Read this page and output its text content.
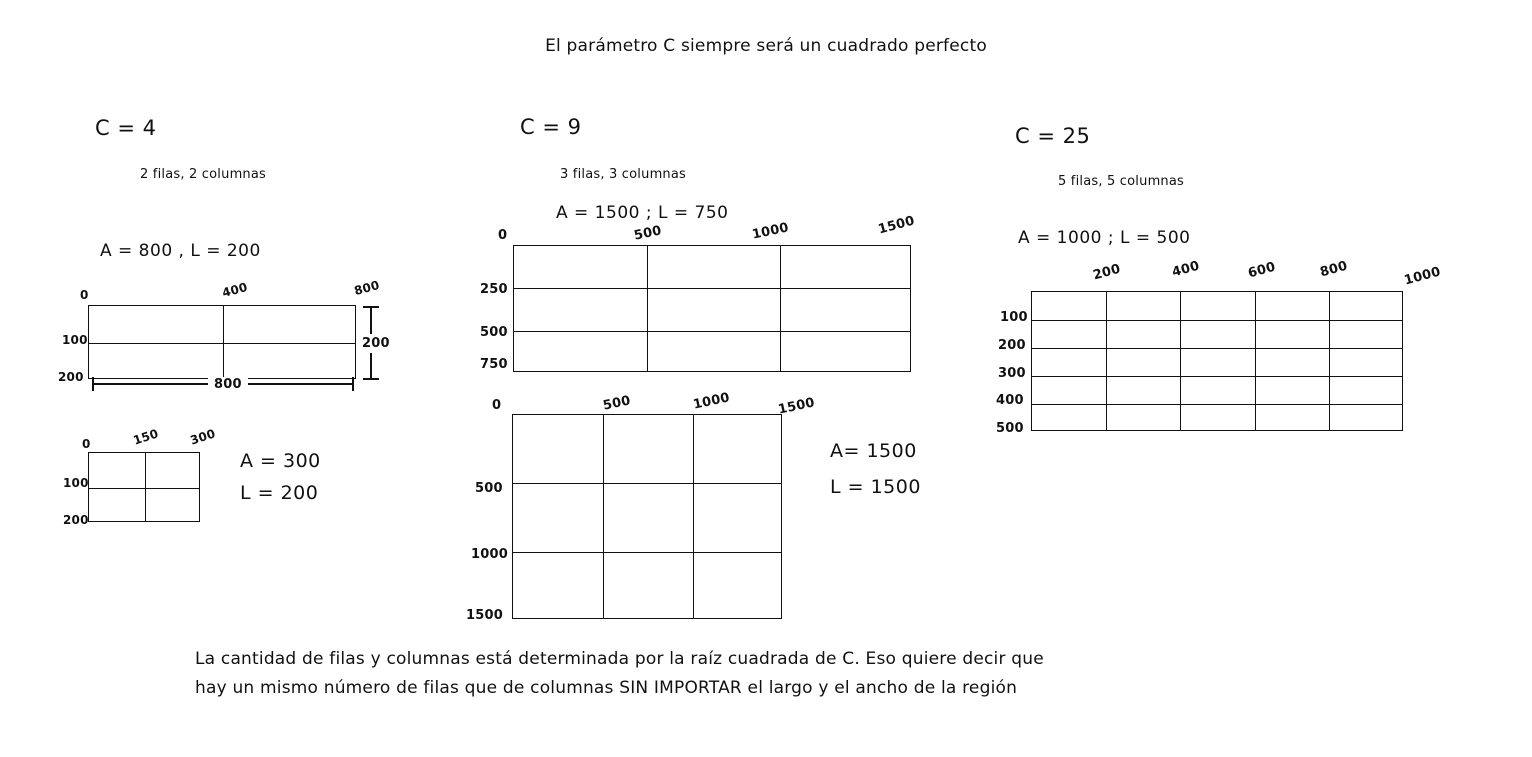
El parámetro C siempre será un cuadrado perfecto
C = 4
2 filas, 2 columnas
A = 800 , L = 200
0	400	800
100
200	800
200
0	150 300
100
200
A = 300
L = 200
C = 9
3 filas, 3 columnas
A = 1500 ; L = 750
0	500	1000	1500
250
500
750
0	500	1000	1500
500
1000
1500
A= 1500
L = 1500
C = 25
5 filas, 5 columnas
A = 1000 ; L = 500
200	400	600	800	1000
100
200
300
400
500
La cantidad de filas y columnas está determinada por la raíz cuadrada de C. Eso quiere decir que
hay un mismo número de filas que de columnas SIN IMPORTAR el largo y el ancho de la región
